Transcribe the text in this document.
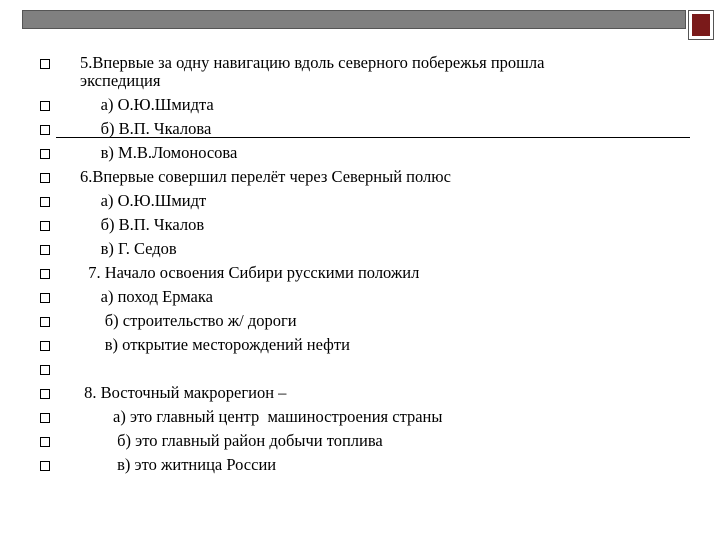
5.Впервые за одну навигацию вдоль северного побережья прошла
экспедиция
а) О.Ю.Шмидта
б) В.П. Чкалова
в) М.В.Ломоносова
6.Впервые совершил перелёт через Северный полюс
а) О.Ю.Шмидт
б) В.П. Чкалов
в) Г. Седов
7. Начало освоения Сибири русскими положил
а) поход Ермака
б) строительство ж/ дороги
в) открытие месторождений нефти
8. Восточный макрорегион –
а) это главный центр  машиностроения страны
б) это главный район добычи топлива
в) это житница России
